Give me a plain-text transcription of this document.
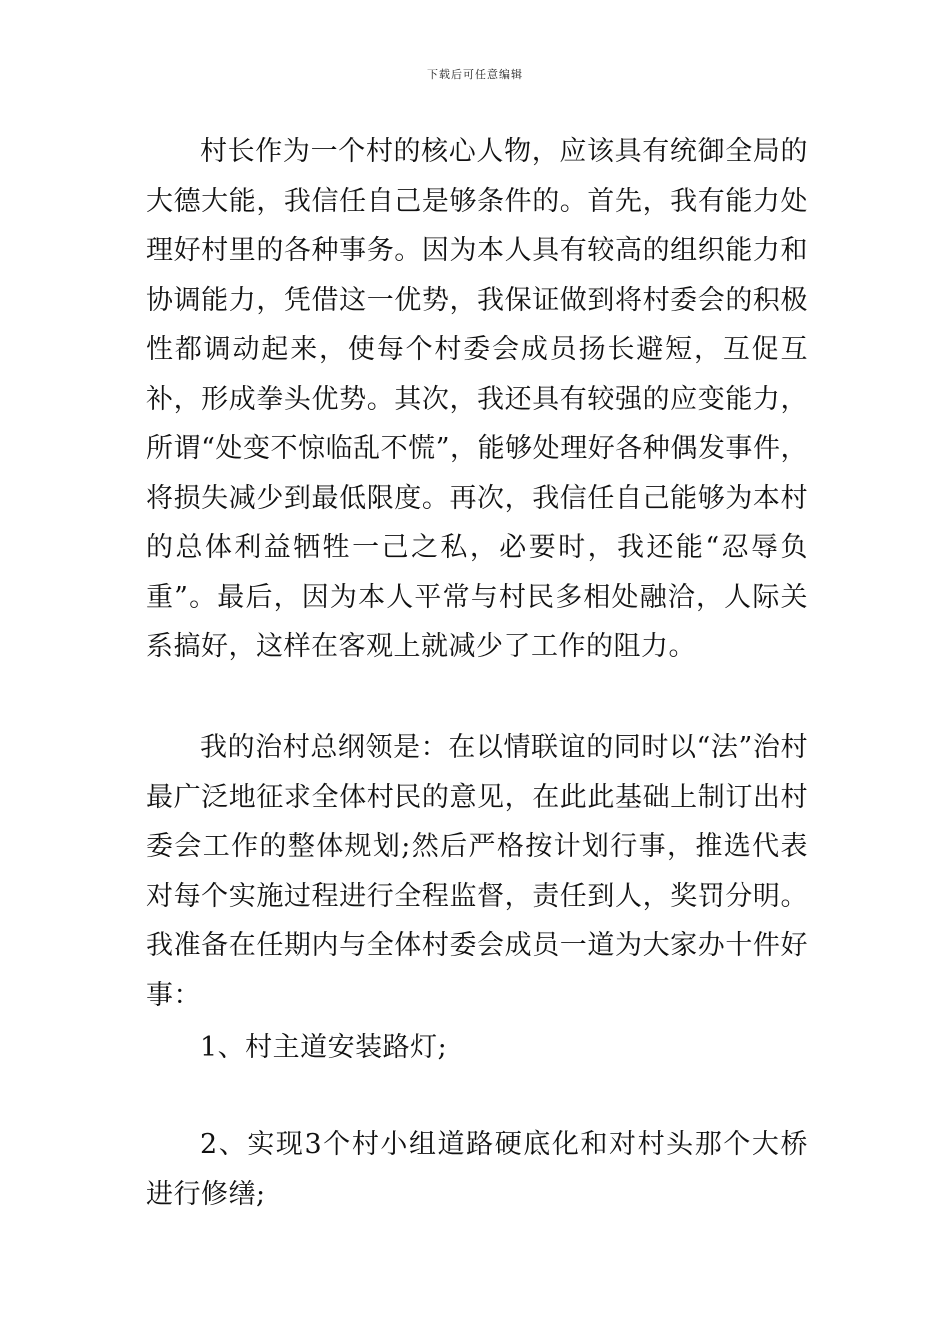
下载后可任意编辑

村长作为一个村的核心人物，应该具有统御全局的大德大能，我信任自己是够条件的。首先，我有能力处理好村里的各种事务。因为本人具有较高的组织能力和协调能力，凭借这一优势，我保证做到将村委会的积极性都调动起来，使每个村委会成员扬长避短，互促互补，形成拳头优势。其次，我还具有较强的应变能力，所谓“处变不惊临乱不慌”，能够处理好各种偶发事件，将损失减少到最低限度。再次，我信任自己能够为本村的总体利益牺牲一己之私，必要时，我还能“忍辱负重”。最后，因为本人平常与村民多相处融洽，人际关系搞好，这样在客观上就减少了工作的阻力。

我的治村总纲领是：在以情联谊的同时以“法”治村最广泛地征求全体村民的意见，在此此基础上制订出村委会工作的整体规划;然后严格按计划行事，推选代表对每个实施过程进行全程监督，责任到人，奖罚分明。我准备在任期内与全体村委会成员一道为大家办十件好事：

1、村主道安装路灯;

2、实现3个村小组道路硬底化和对村头那个大桥进行修缮;
